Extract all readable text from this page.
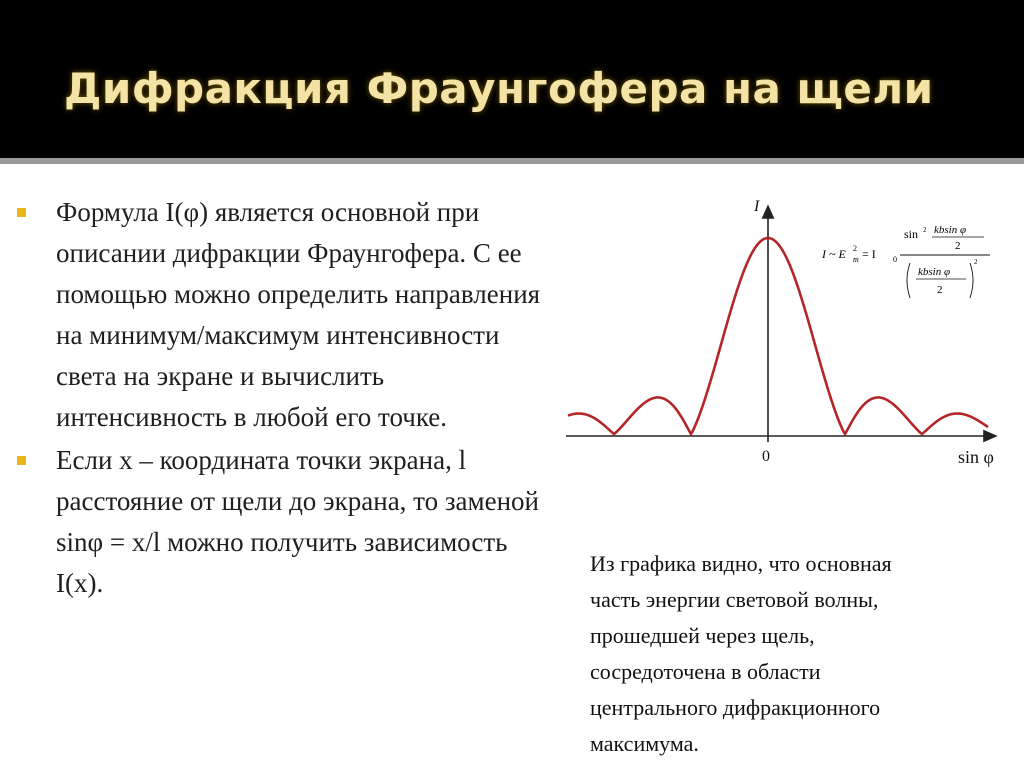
Дифракция Фраунгофера на щели
Формула I(φ) является основной при описании дифракции Фраунгофера. С ее помощью можно определить направления на минимум/максимум интенсивности света на экране и вычислить интенсивность в любой его точке.
Если x – координата точки экрана, l расстояние от щели до экрана, то заменой sinφ = x/l можно получить зависимость I(x).
I
0	sin φ
I ~ E m
2 = I 0
sin 2 kbsin φ
2
kbsin φ
2
2
Из графика видно, что основная
часть энергии световой волны,
прошедшей через щель,
сосредоточена в области
центрального дифракционного
максимума.
